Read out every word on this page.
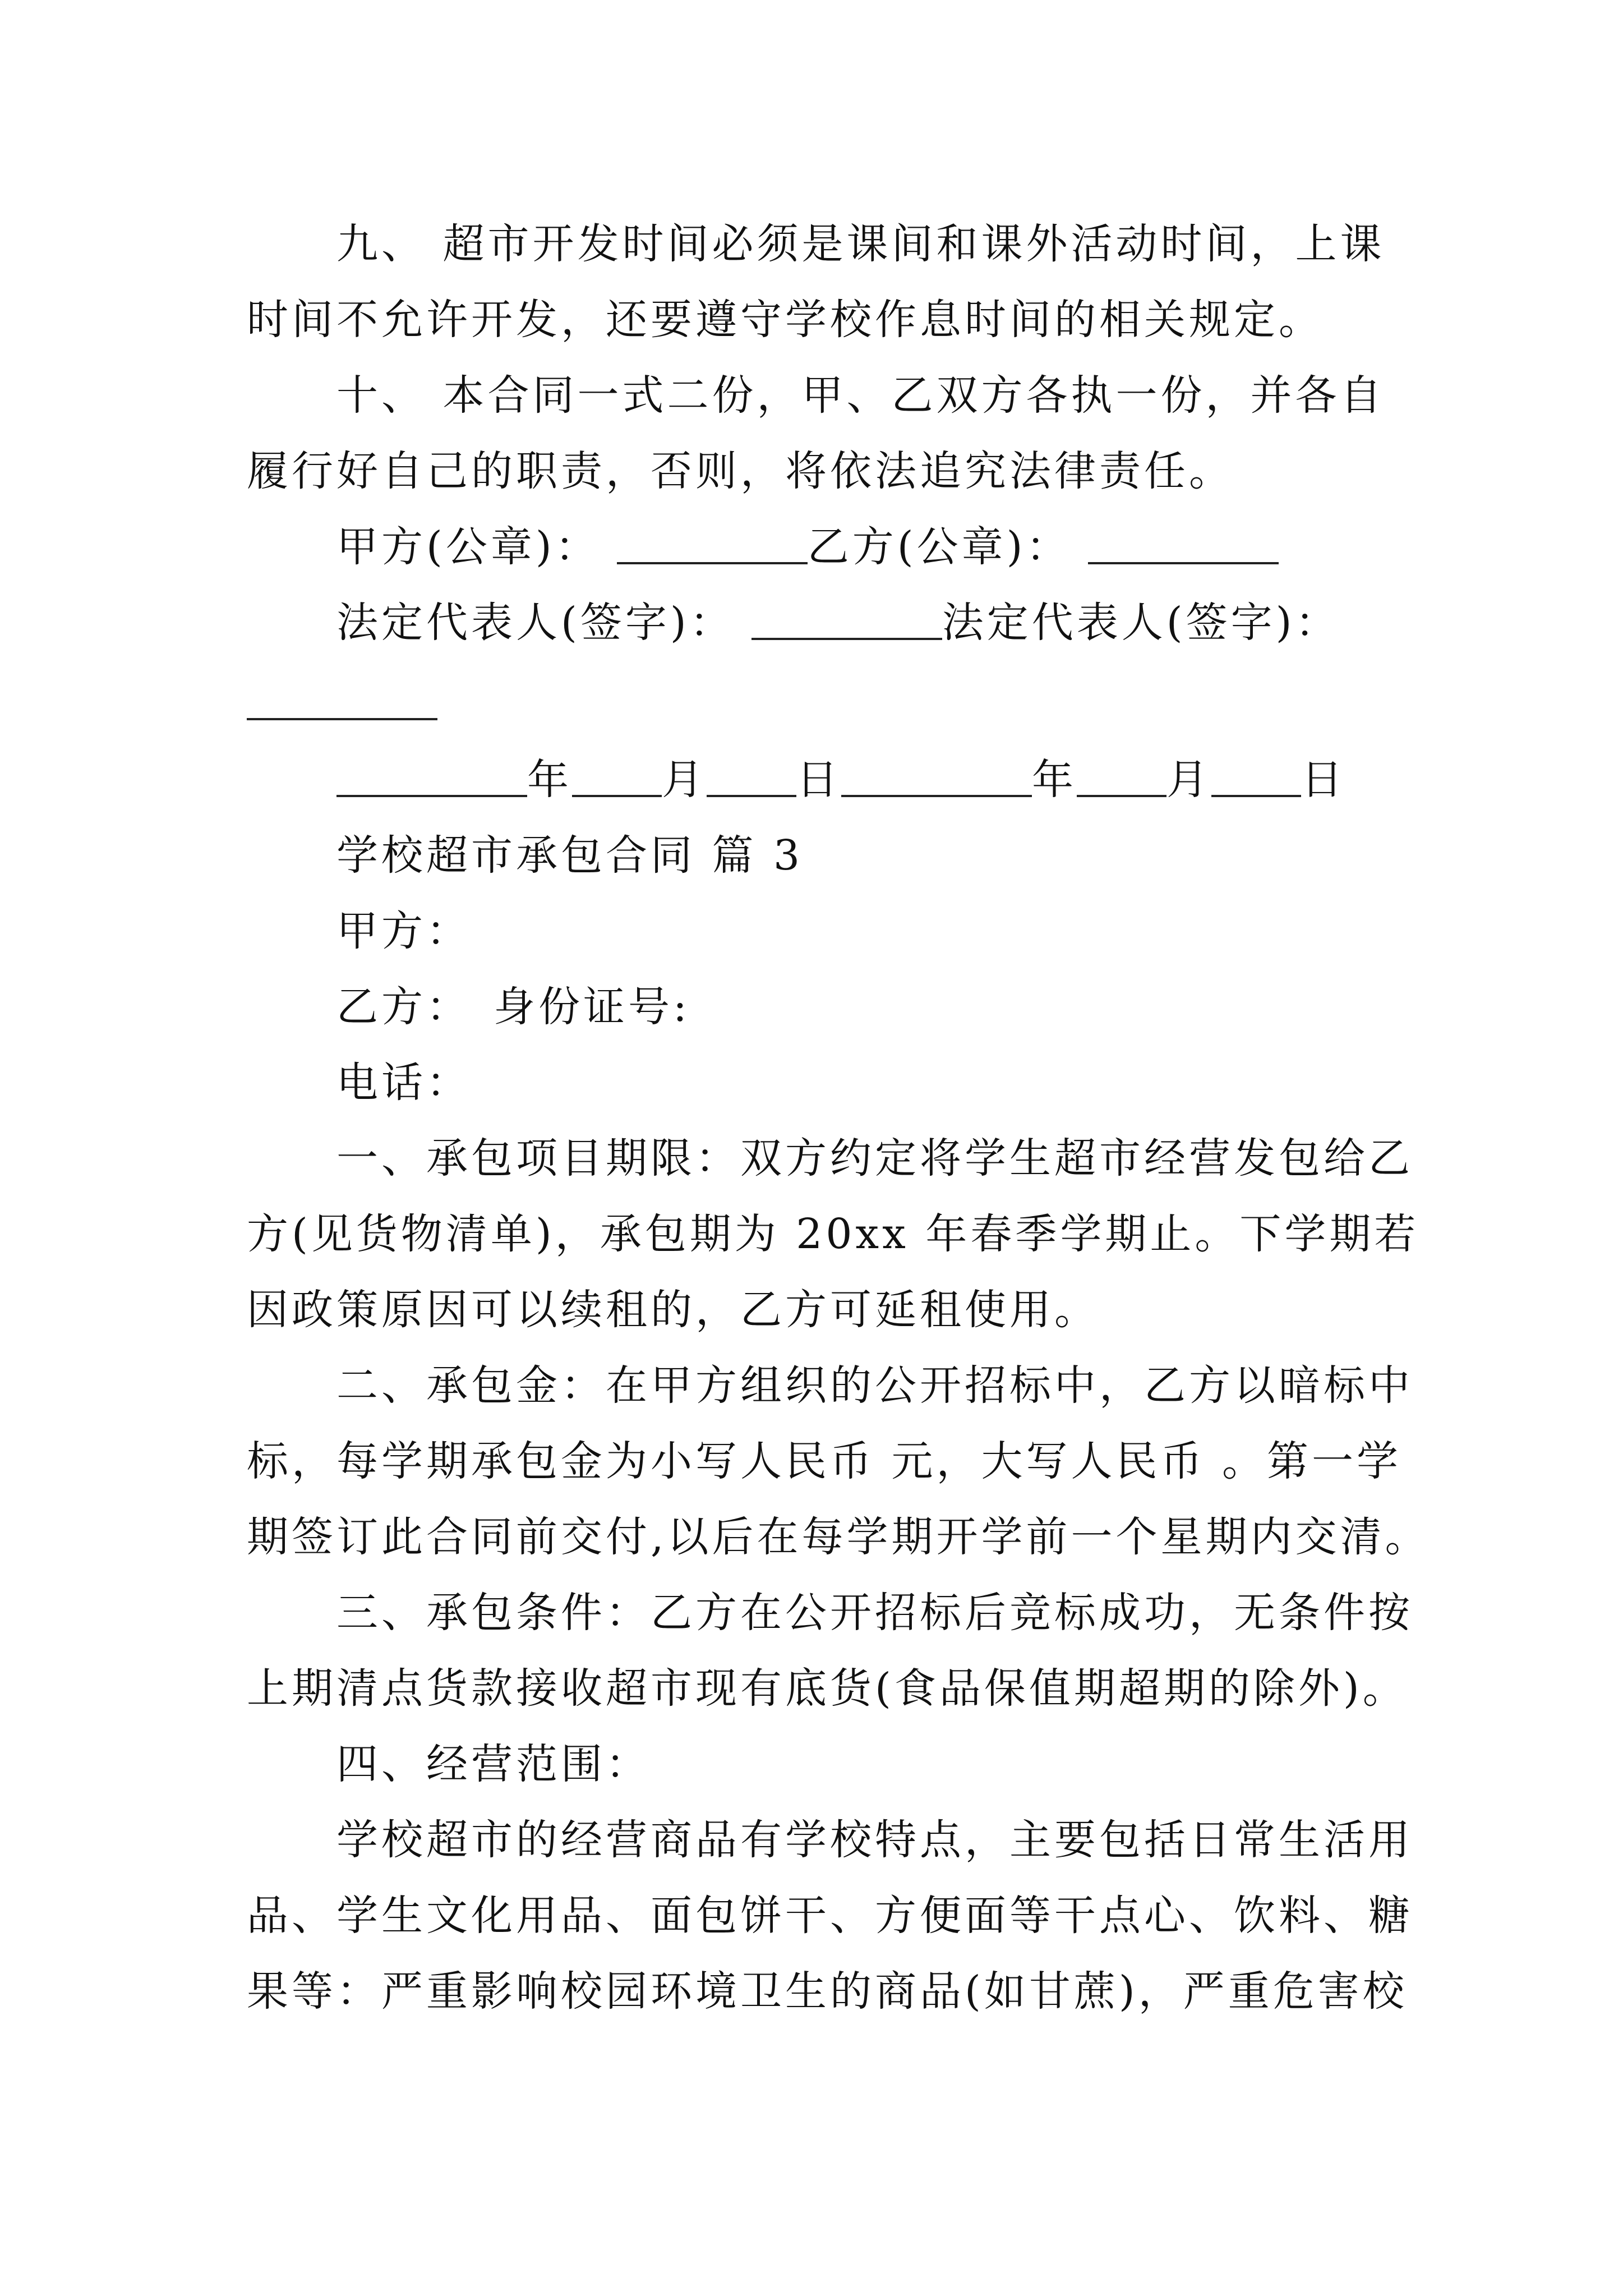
九、 超市开发时间必须是课间和课外活动时间，上课
时间不允许开发，还要遵守学校作息时间的相关规定。
十、 本合同一式二份，甲、乙双方各执一份，并各自
履行好自己的职责，否则，将依法追究法律责任。
甲方(公章)：	乙方(公章)：
法定代表人(签字)：	法定代表人(签字)：
年 月 日	年 月 日
学校超市承包合同 篇 3
甲方：
乙方： 身份证号:
电话：
一、承包项目期限：双方约定将学生超市经营发包给乙
方(见货物清单)，承包期为 20xx 年春季学期止。下学期若
因政策原因可以续租的，乙方可延租使用。
二、承包金：在甲方组织的公开招标中，乙方以暗标中
标，每学期承包金为小写人民币 元，大写人民币 。第一学
期签订此合同前交付,以后在每学期开学前一个星期内交清。
三、承包条件：乙方在公开招标后竞标成功，无条件按
上期清点货款接收超市现有底货(食品保值期超期的除外)。
四、经营范围：
学校超市的经营商品有学校特点，主要包括日常生活用
品、学生文化用品、面包饼干、方便面等干点心、饮料、糖
果等：严重影响校园环境卫生的商品(如甘蔗)，严重危害校
